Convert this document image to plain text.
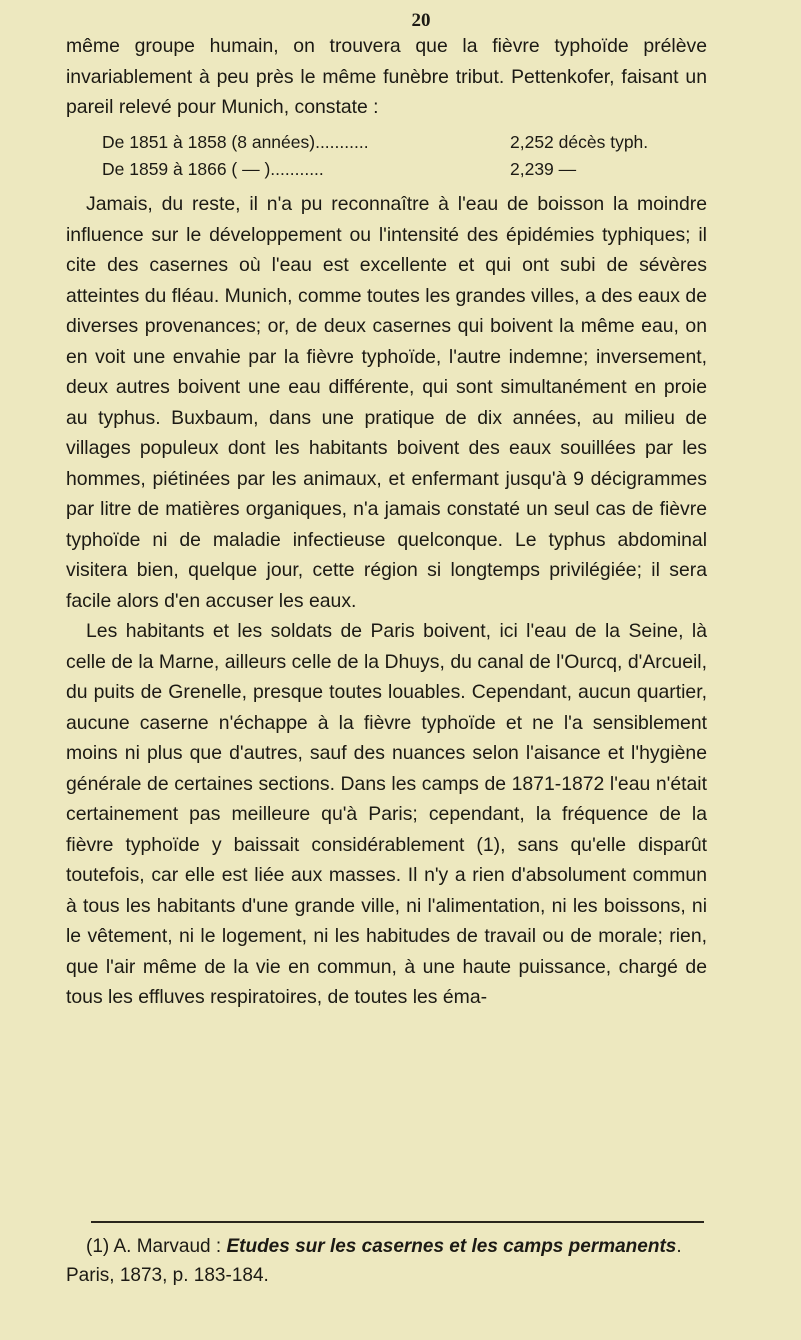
20

même groupe humain, on trouvera que la fièvre typhoïde prélève invariablement à peu près le même funèbre tribut. Pettenkofer, faisant un pareil relevé pour Munich, constate :

De 1851 à 1858 (8 années)...........	2,252 décès typh.
De 1859 à 1866 ( — )...........	2,239 —

Jamais, du reste, il n'a pu reconnaître à l'eau de boisson la moindre influence sur le développement ou l'intensité des épidémies typhiques; il cite des casernes où l'eau est excellente et qui ont subi de sévères atteintes du fléau. Munich, comme toutes les grandes villes, a des eaux de diverses provenances; or, de deux casernes qui boivent la même eau, on en voit une envahie par la fièvre typhoïde, l'autre indemne; inversement, deux autres boivent une eau différente, qui sont simultanément en proie au typhus. Buxbaum, dans une pratique de dix années, au milieu de villages populeux dont les habitants boivent des eaux souillées par les hommes, piétinées par les animaux, et enfermant jusqu'à 9 décigrammes par litre de matières organiques, n'a jamais constaté un seul cas de fièvre typhoïde ni de maladie infectieuse quelconque. Le typhus abdominal visitera bien, quelque jour, cette région si longtemps privilégiée; il sera facile alors d'en accuser les eaux.

Les habitants et les soldats de Paris boivent, ici l'eau de la Seine, là celle de la Marne, ailleurs celle de la Dhuys, du canal de l'Ourcq, d'Arcueil, du puits de Grenelle, presque toutes louables. Cependant, aucun quartier, aucune caserne n'échappe à la fièvre typhoïde et ne l'a sensiblement moins ni plus que d'autres, sauf des nuances selon l'aisance et l'hygiène générale de certaines sections. Dans les camps de 1871-1872 l'eau n'était certainement pas meilleure qu'à Paris; cependant, la fréquence de la fièvre typhoïde y baissait considérablement (1), sans qu'elle disparût toutefois, car elle est liée aux masses. Il n'y a rien d'absolument commun à tous les habitants d'une grande ville, ni l'alimentation, ni les boissons, ni le vêtement, ni le logement, ni les habitudes de travail ou de morale; rien, que l'air même de la vie en commun, à une haute puissance, chargé de tous les effluves respiratoires, de toutes les éma-

(1) A. Marvaud : Etudes sur les casernes et les camps permanents. Paris, 1873, p. 183-184.
